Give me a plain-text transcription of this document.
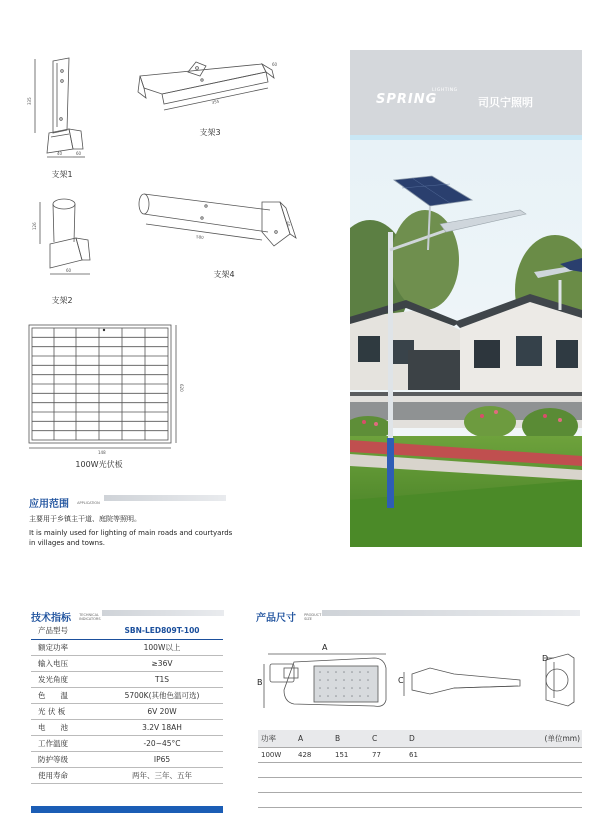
335
40	60
支架1
355
60
支架3
126
60
支架2
580
60
支架4
620
148
100W光伏板
应用范围 APPLICATION
主要用于乡镇主干道、庭院等照明。
It is mainly used for lighting of main roads and courtyards in villages and towns.
LIGHTING
SPRING	司贝宁照明
技术指标 TECHNICAL
INDICATORS
产品型号	SBN-LED809T-100
额定功率	100W以上
输入电压	≥36V
发光角度	T1S
色　　温	5700K(其他色温可选)
光 伏 板	6V 20W
电　　池	3.2V 18AH
工作温度	-20~45°C
防护等级	IP65
使用寿命	两年、三年、五年
产品尺寸 PRODUCT
SIZE
A
B	C
D
功率	A	B	C	D	(单位mm)
100W	428	151	77	61	
